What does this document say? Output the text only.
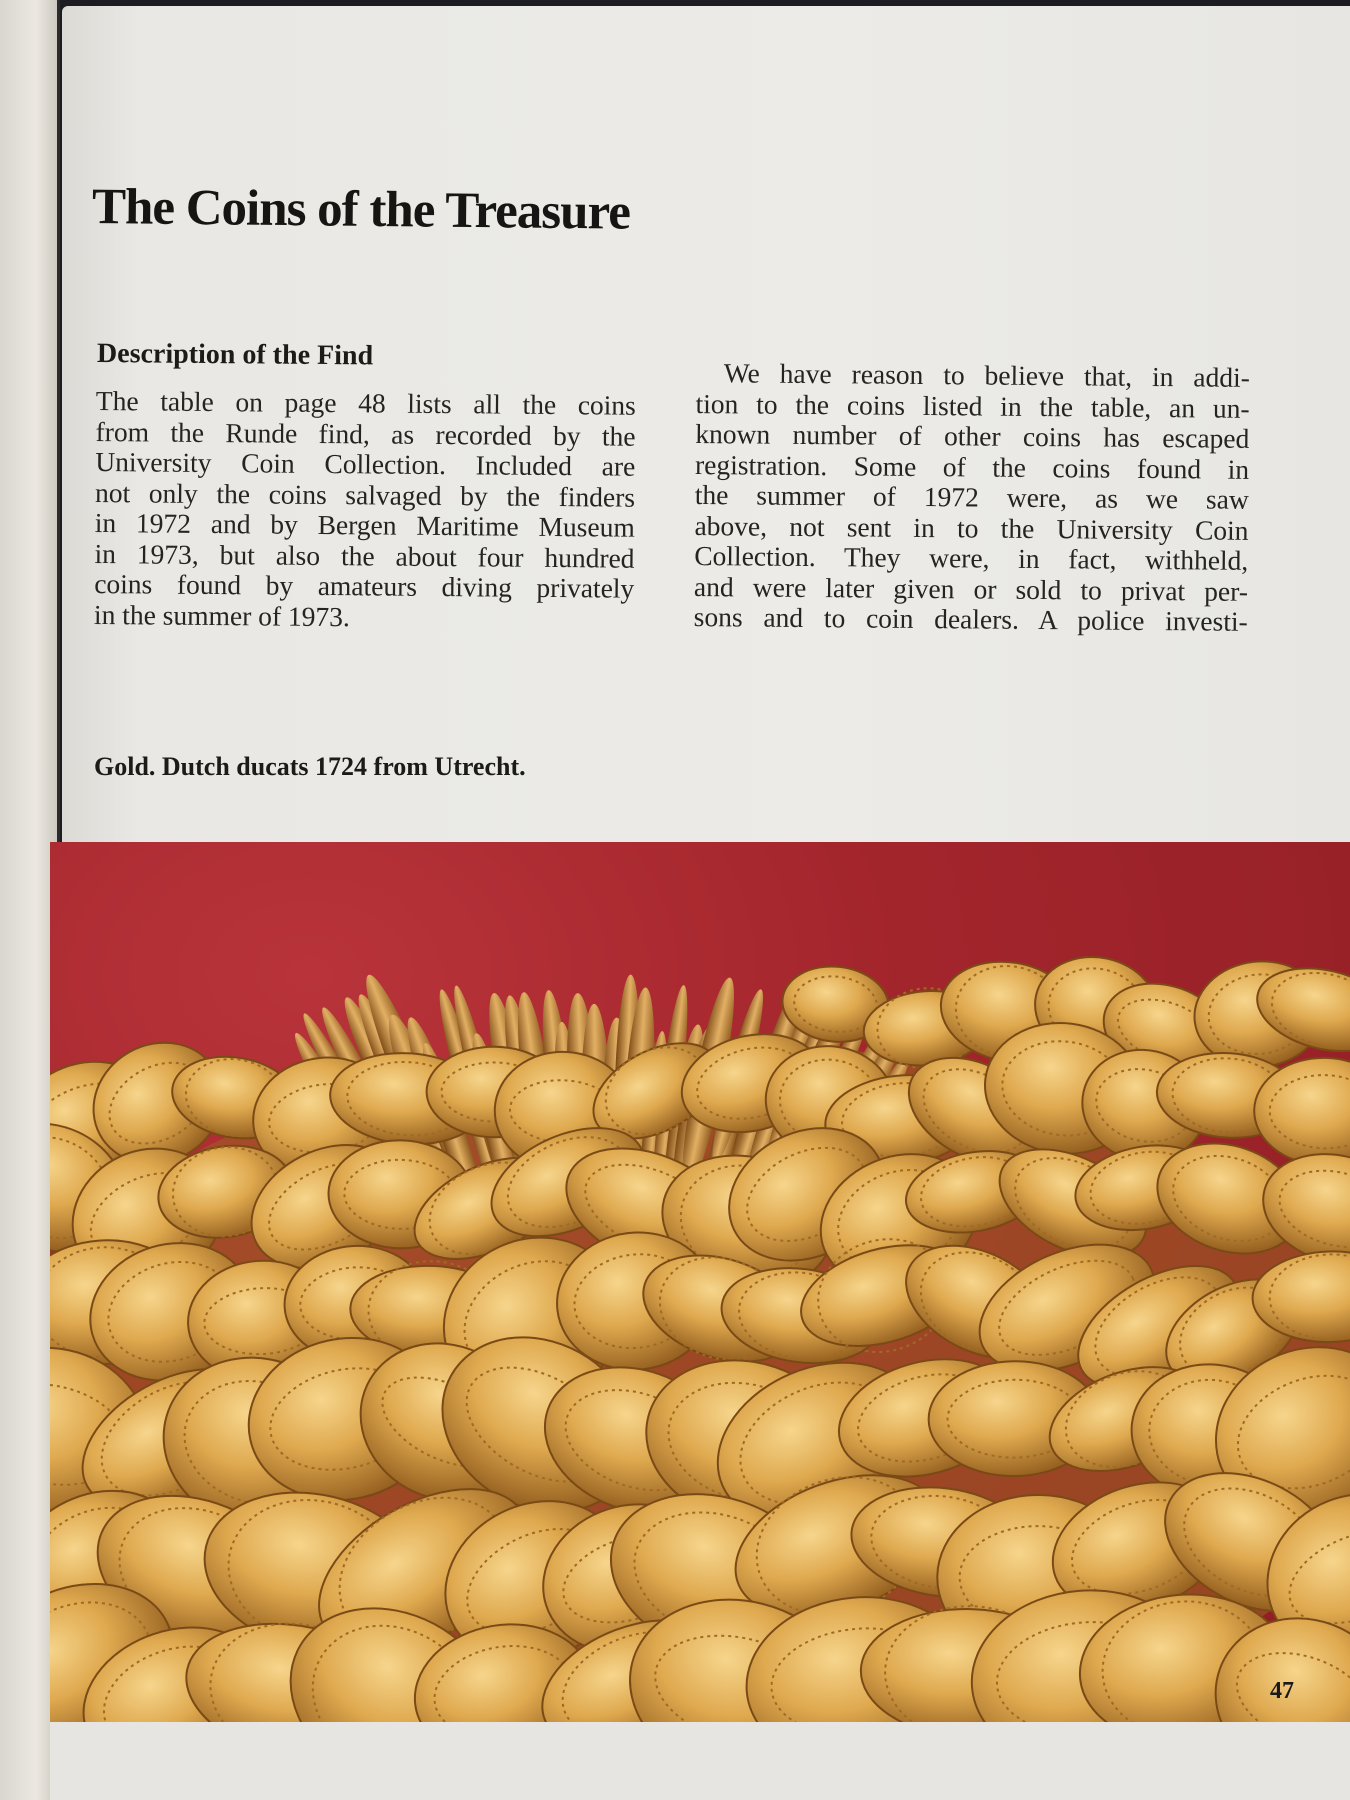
The Coins of the Treasure
Description of the Find
The table on page 48 lists all the coins
from the Runde find, as recorded by the
University Coin Collection. Included are
not only the coins salvaged by the finders
in 1972 and by Bergen Maritime Museum
in 1973, but also the about four hundred
coins found by amateurs diving privately
in the summer of 1973.
We have reason to believe that, in addi-
tion to the coins listed in the table, an un-
known number of other coins has escaped
registration. Some of the coins found in
the summer of 1972 were, as we saw
above, not sent in to the University Coin
Collection. They were, in fact, withheld,
and were later given or sold to privat per-
sons and to coin dealers. A police investi-

Gold. Dutch ducats 1724 from Utrecht.

47
